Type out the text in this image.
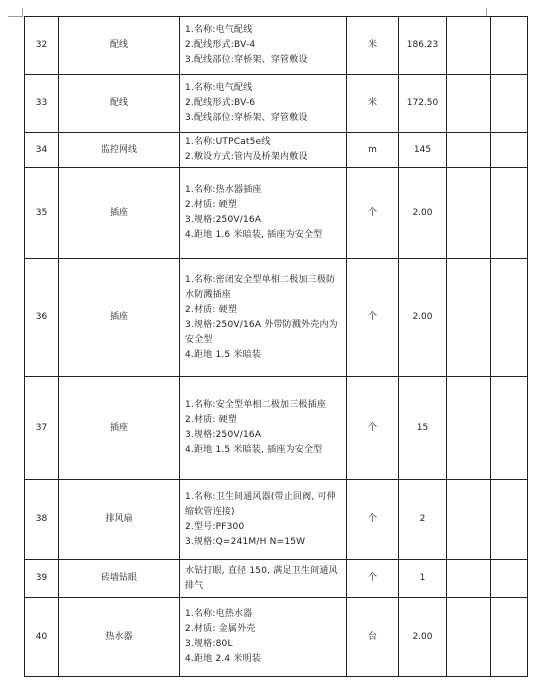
32	配线	1.名称:电气配线
2.配线形式:BV-4
3.配线部位:穿桥架、穿管敷设	米	186.23		
33	配线	1.名称:电气配线
2.配线形式:BV-6
3.配线部位:穿桥架、穿管敷设	米	172.50		
34	监控网线	1.名称:UTPCat5e线
2.敷设方式:管内及桥架内敷设	m	145		
35	插座	1.名称:热水器插座
2.材质: 硬塑
3.规格:250V/16A
4.距地 1.6 米暗装, 插座为安全型	个	2.00		
36	插座	1.名称:密闭安全型单相二极加三极防水防溅插座
2.材质: 硬塑
3.规格:250V/16A 外带防溅外壳内为安全型
4.距地 1.5 米暗装	个	2.00		
37	插座	1.名称:安全型单相二极加三极插座
2.材质: 硬塑
3.规格:250V/16A
4.距地 1.5 米暗装, 插座为安全型	个	15		
38	排风扇	1.名称:卫生间通风器(带止回阀, 可伸缩软管连接)
2.型号:PF300
3.规格:Q=241M/H N=15W	个	2		
39	砖墙钻眼	水钻打眼, 直径 150, 满足卫生间通风排气	个	1		
40	热水器	1.名称:电热水器
2.材质: 金属外壳
3.规格:80L
4.距地 2.4 米明装	台	2.00		
